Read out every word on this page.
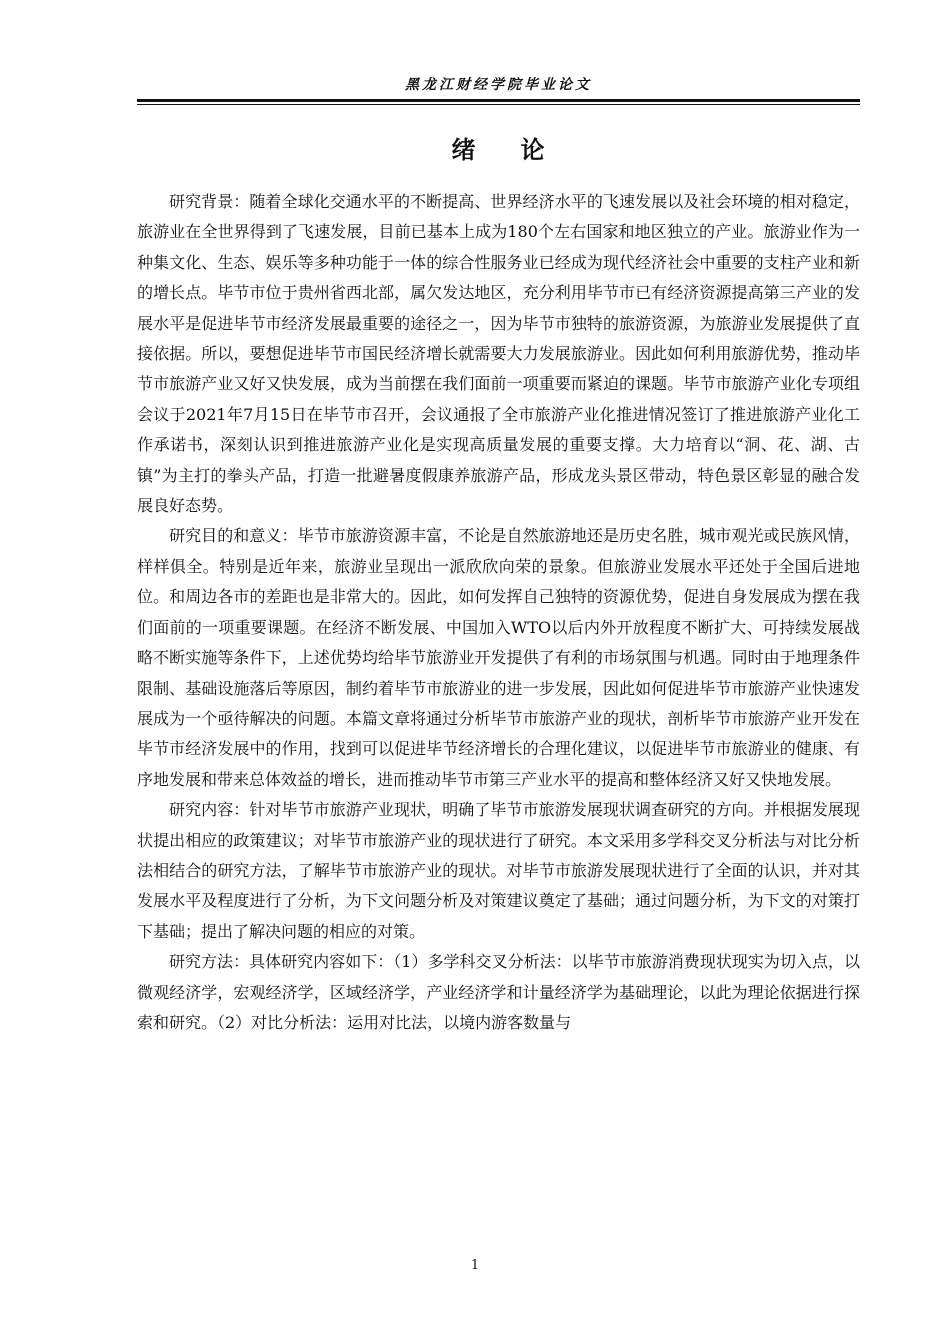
黑龙江财经学院毕业论文
绪 论

研究背景：随着全球化交通水平的不断提高、世界经济水平的飞速发展以及社会环境的相对稳定，旅游业在全世界得到了飞速发展，目前已基本上成为180个左右国家和地区独立的产业。旅游业作为一种集文化、生态、娱乐等多种功能于一体的综合性服务业已经成为现代经济社会中重要的支柱产业和新的增长点。毕节市位于贵州省西北部，属欠发达地区，充分利用毕节市已有经济资源提高第三产业的发展水平是促进毕节市经济发展最重要的途径之一，因为毕节市独特的旅游资源，为旅游业发展提供了直接依据。所以，要想促进毕节市国民经济增长就需要大力发展旅游业。因此如何利用旅游优势，推动毕节市旅游产业又好又快发展，成为当前摆在我们面前一项重要而紧迫的课题。毕节市旅游产业化专项组会议于2021年7月15日在毕节市召开，会议通报了全市旅游产业化推进情况签订了推进旅游产业化工作承诺书，深刻认识到推进旅游产业化是实现高质量发展的重要支撑。大力培育以“洞、花、湖、古镇”为主打的拳头产品，打造一批避暑度假康养旅游产品，形成龙头景区带动，特色景区彰显的融合发展良好态势。

研究目的和意义：毕节市旅游资源丰富，不论是自然旅游地还是历史名胜，城市观光或民族风情，样样俱全。特别是近年来，旅游业呈现出一派欣欣向荣的景象。但旅游业发展水平还处于全国后进地位。和周边各市的差距也是非常大的。因此，如何发挥自己独特的资源优势，促进自身发展成为摆在我们面前的一项重要课题。在经济不断发展、中国加入WTO以后内外开放程度不断扩大、可持续发展战略不断实施等条件下，上述优势均给毕节旅游业开发提供了有利的市场氛围与机遇。同时由于地理条件限制、基础设施落后等原因，制约着毕节市旅游业的进一步发展，因此如何促进毕节市旅游产业快速发展成为一个亟待解决的问题。本篇文章将通过分析毕节市旅游产业的现状，剖析毕节市旅游产业开发在毕节市经济发展中的作用，找到可以促进毕节经济增长的合理化建议，以促进毕节市旅游业的健康、有序地发展和带来总体效益的增长，进而推动毕节市第三产业水平的提高和整体经济又好又快地发展。

研究内容：针对毕节市旅游产业现状，明确了毕节市旅游发展现状调查研究的方向。并根据发展现状提出相应的政策建议；对毕节市旅游产业的现状进行了研究。本文采用多学科交叉分析法与对比分析法相结合的研究方法，了解毕节市旅游产业的现状。对毕节市旅游发展现状进行了全面的认识，并对其发展水平及程度进行了分析，为下文问题分析及对策建议奠定了基础；通过问题分析，为下文的对策打下基础；提出了解决问题的相应的对策。

研究方法：具体研究内容如下：（1）多学科交叉分析法：以毕节市旅游消费现状现实为切入点，以微观经济学，宏观经济学，区域经济学，产业经济学和计量经济学为基础理论，以此为理论依据进行探索和研究。（2）对比分析法：运用对比法，以境内游客数量与

1
